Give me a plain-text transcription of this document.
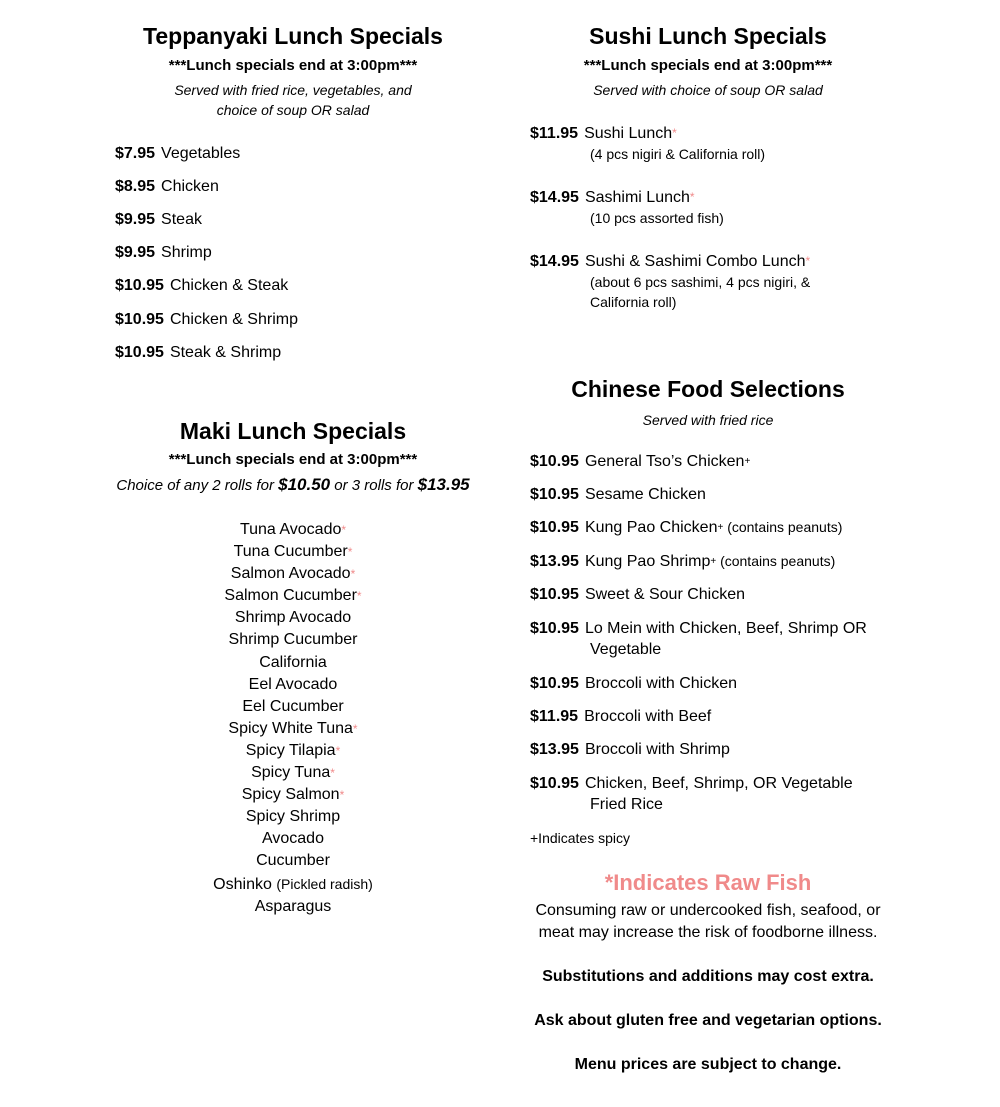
Teppanyaki Lunch Specials

***Lunch specials end at 3:00pm***

Served with fried rice, vegetables, and

choice of soup OR salad

$7.95 Vegetables
$8.95 Chicken
$9.95 Steak
$9.95 Shrimp
$10.95 Chicken & Steak
$10.95 Chicken & Shrimp
$10.95 Steak & Shrimp
Maki Lunch Specials

***Lunch specials end at 3:00pm***

Choice of any 2 rolls for $10.50 or 3 rolls for $13.95

Tuna Avocado*
Tuna Cucumber*
Salmon Avocado*
Salmon Cucumber*
Shrimp Avocado
Shrimp Cucumber
California
Eel Avocado
Eel Cucumber
Spicy White Tuna*
Spicy Tilapia*
Spicy Tuna*
Spicy Salmon*
Spicy Shrimp
Avocado
Cucumber
Oshinko (Pickled radish)
Asparagus
Sushi Lunch Specials

***Lunch specials end at 3:00pm***

Served with choice of soup OR salad

$11.95 Sushi Lunch*
(4 pcs nigiri & California roll)
$14.95 Sashimi Lunch*
(10 pcs assorted fish)
$14.95 Sushi & Sashimi Combo Lunch*
(about 6 pcs sashimi, 4 pcs nigiri, &
California roll)
Chinese Food Selections

Served with fried rice

$10.95 General Tso’s Chicken+
$10.95 Sesame Chicken
$10.95 Kung Pao Chicken+ (contains peanuts)
$13.95 Kung Pao Shrimp+ (contains peanuts)
$10.95 Sweet & Sour Chicken
$10.95 Lo Mein with Chicken, Beef, Shrimp OR
Vegetable
$10.95 Broccoli with Chicken
$11.95 Broccoli with Beef
$13.95 Broccoli with Shrimp
$10.95 Chicken, Beef, Shrimp, OR Vegetable
Fried Rice
+Indicates spicy
*Indicates Raw Fish
Consuming raw or undercooked fish, seafood, or
meat may increase the risk of foodborne illness.
Substitutions and additions may cost extra.
Ask about gluten free and vegetarian options.
Menu prices are subject to change.
